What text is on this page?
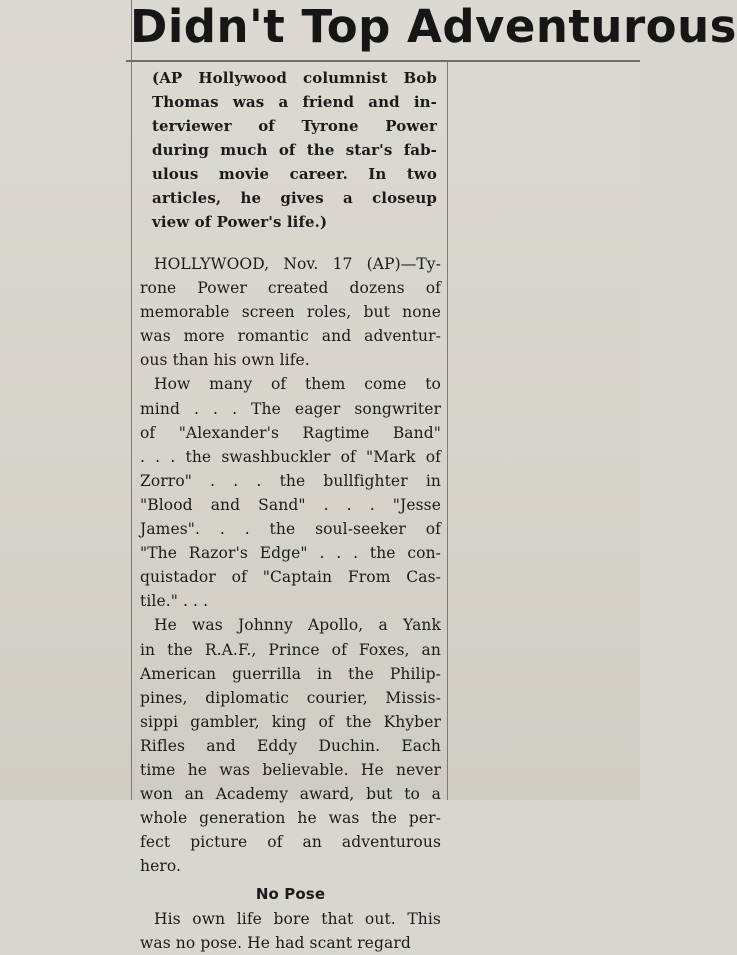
Didn't Top Adventurous
(AP Hollywood columnist Bob
Thomas was a friend and in-
terviewer of Tyrone Power
during much of the star's fab-
ulous movie career. In two
articles, he gives a closeup
view of Power's life.)
HOLLYWOOD, Nov. 17 (AP)—Ty-
rone Power created dozens of
memorable screen roles, but none
was more romantic and adventur-
ous than his own life.
How many of them come to
mind . . . The eager songwriter
of "Alexander's Ragtime Band"
. . . the swashbuckler of "Mark of
Zorro" . . . the bullfighter in
"Blood and Sand" . . . "Jesse
James". . . the soul-seeker of
"The Razor's Edge" . . . the con-
quistador of "Captain From Cas-
tile." . . .
He was Johnny Apollo, a Yank
in the R.A.F., Prince of Foxes, an
American guerrilla in the Philip-
pines, diplomatic courier, Missis-
sippi gambler, king of the Khyber
Rifles and Eddy Duchin. Each
time he was believable. He never
won an Academy award, but to a
whole generation he was the per-
fect picture of an adventurous
hero.
No Pose
His own life bore that out. This
was no pose. He had scant regard
